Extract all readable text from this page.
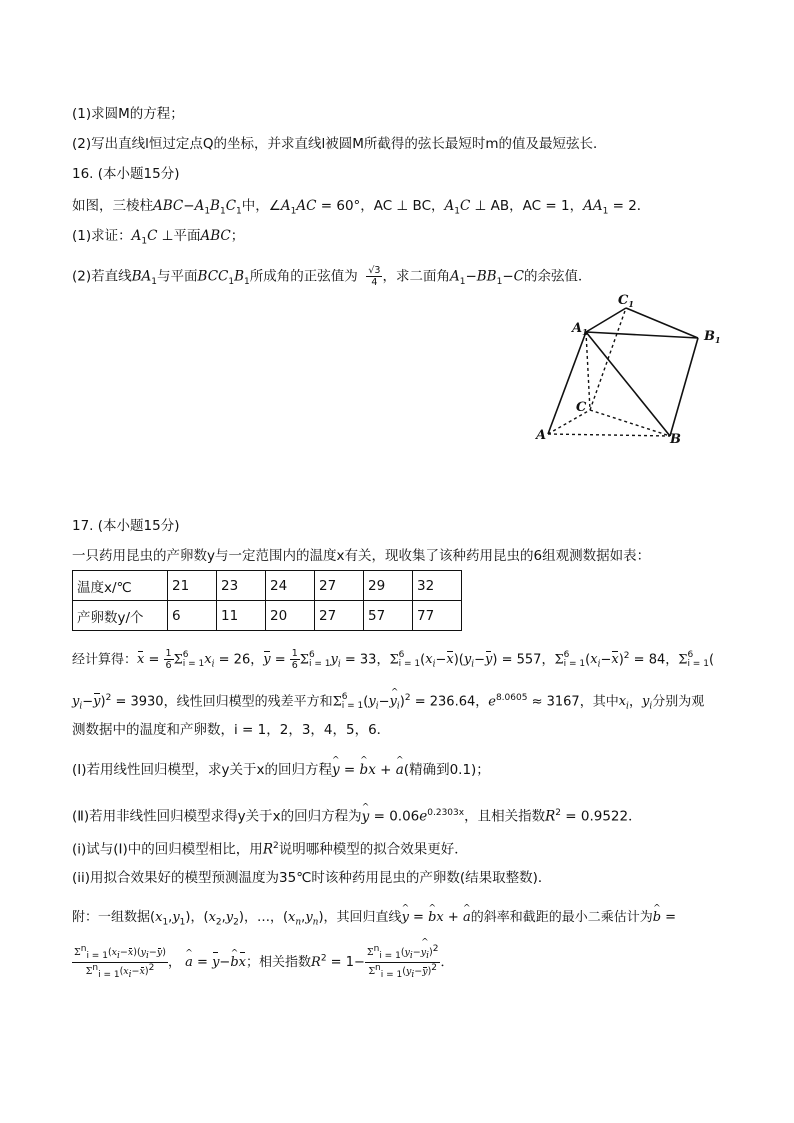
(1)求圆M的方程；
(2)写出直线l恒过定点Q的坐标，并求直线l被圆M所截得的弦长最短时m的值及最短弦长．
16. (本小题15分)
如图，三棱柱$ABC-A_1B_1C_1$中，$\angle A_1AC = 60^\circ$，AC ⊥ BC，$A_1C$ ⊥ AB，AC = 1，$AA_1 = 2$．
(1)求证：$A_1C$ ⊥平面ABC；
(2)若直线$BA_1$与平面$BCC_1B_1$所成角的正弦值为 $\frac{√3}{4}$ ，求二面角$A_1-BB_1-C$的余弦值．
$C_1$
$A_1$	$B_1$
C
A	B
17. (本小题15分)
一只药用昆虫的产卵数y与一定范围内的温度x有关，现收集了该种药用昆虫的6组观测数据如表：
温度x/℃	21	23	24	27	29	32
产卵数y/个	6	11	20	27	57	77
经计算得：$x = \frac{1}{6} \Sigma 6$
$i = 1x_i = 26$，$y = \frac{1}{6} \Sigma 6$
$i = 1y_i = 33$，Σ6
$i = 1(x_i-x)(y_i-y) = 557$，Σ6
$i = 1(x_i-x)^2 = 84$，Σ6
i = 1(
$y_i-y)^2 = 3930$，线性回归模型的残差平方和Σ6
$i = 1(y_i-\^{}$ $y_i)^2 = 236.64$，$e^{8.0605} \approx 3167$，其中$x_i$，$y_i$分别为观
测数据中的温度和产卵数，i = 1，2，3，4，5，6．
(Ⅰ)若用线性回归模型，求y关于x的回归方程^ y = ^ bx + ^ a(精确到0.1)；
(Ⅱ)若用非线性回归模型求得y关于x的回归方程为^ $y = 0.06e^{0.2303x}$，且相关指数$R^2 = 0.9522$．
(i)试与(Ⅰ)中的回归模型相比，用$R^2$说明哪种模型的拟合效果更好．
(ii)用拟合效果好的模型预测温度为35℃时该种药用昆虫的产卵数(结果取整数)．
附：一组数据$(x_1,y_1)$，$(x_2,y_2)$，…，$(x_n,y_n)$，其回归直线^ y = ^ bx + ^ a的斜率和截距的最小二乘估计为^ b =
$\frac{\Sigma^n_{i = 1}(x_i-x)(y_i-y)}{\Sigma^n_{i = 1}(x_i-x)^2}$ ， ^ a = y−^ bx；相关指数$R^2 = 1- \frac{\Sigma^n_{i = 1}(y_i-\^{} y_i)^2}{\Sigma^n_{i = 1}(y_i-y)^2}$ ．
